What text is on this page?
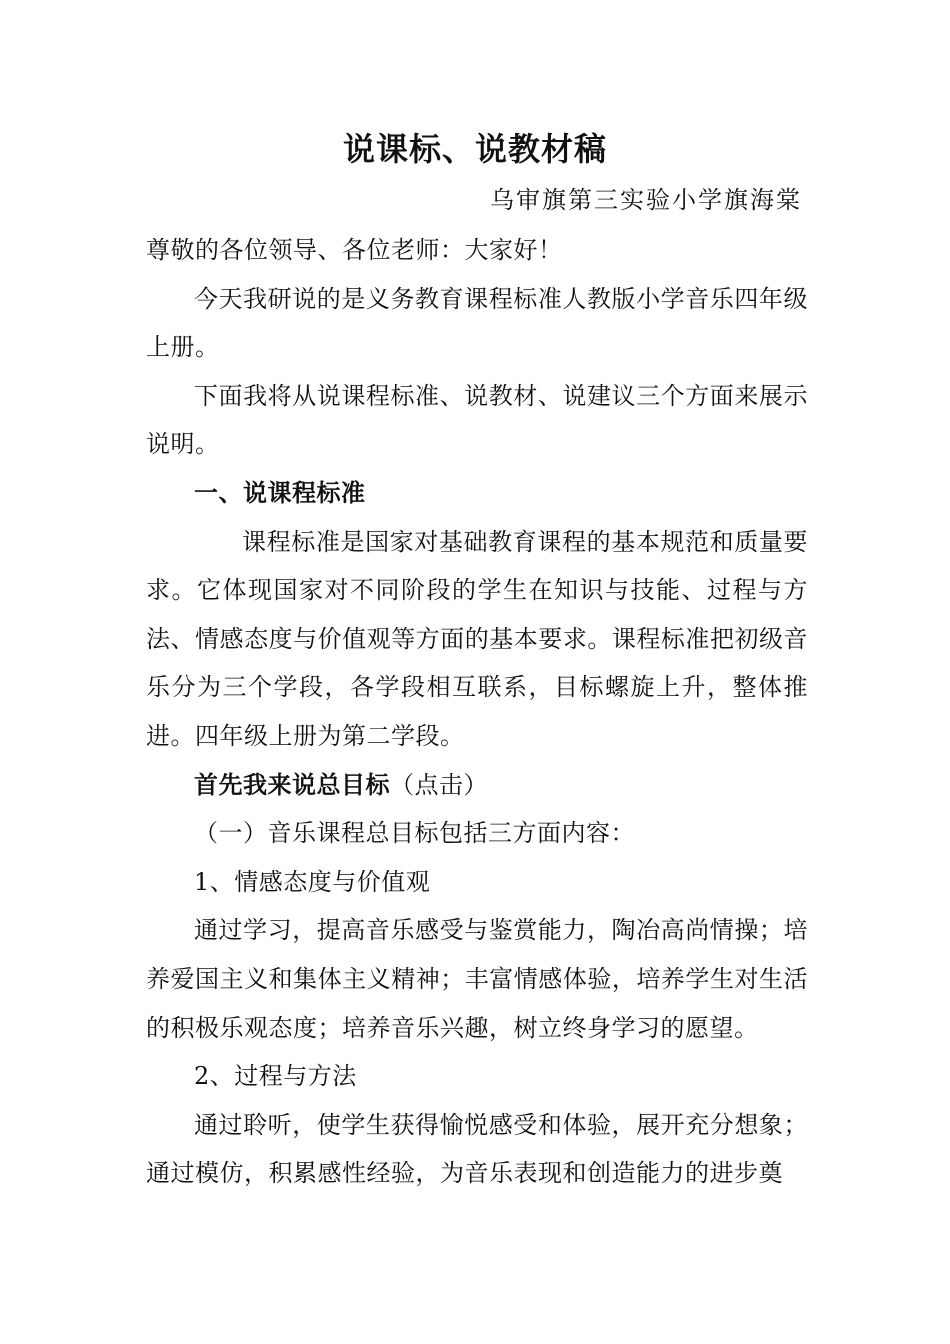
说课标、说教材稿
乌审旗第三实验小学旗海棠

尊敬的各位领导、各位老师：大家好！

今天我研说的是义务教育课程标准人教版小学音乐四年级上册。

下面我将从说课程标准、说教材、说建议三个方面来展示说明。

一、说课程标准

课程标准是国家对基础教育课程的基本规范和质量要求。它体现国家对不同阶段的学生在知识与技能、过程与方法、情感态度与价值观等方面的基本要求。课程标准把初级音乐分为三个学段，各学段相互联系，目标螺旋上升，整体推进。四年级上册为第二学段。

首先我来说总目标（点击）

（一）音乐课程总目标包括三方面内容：

1、情感态度与价值观

通过学习，提高音乐感受与鉴赏能力，陶冶高尚情操；培养爱国主义和集体主义精神；丰富情感体验，培养学生对生活的积极乐观态度；培养音乐兴趣，树立终身学习的愿望。

2、过程与方法

通过聆听，使学生获得愉悦感受和体验，展开充分想象；通过模仿，积累感性经验，为音乐表现和创造能力的进步奠
